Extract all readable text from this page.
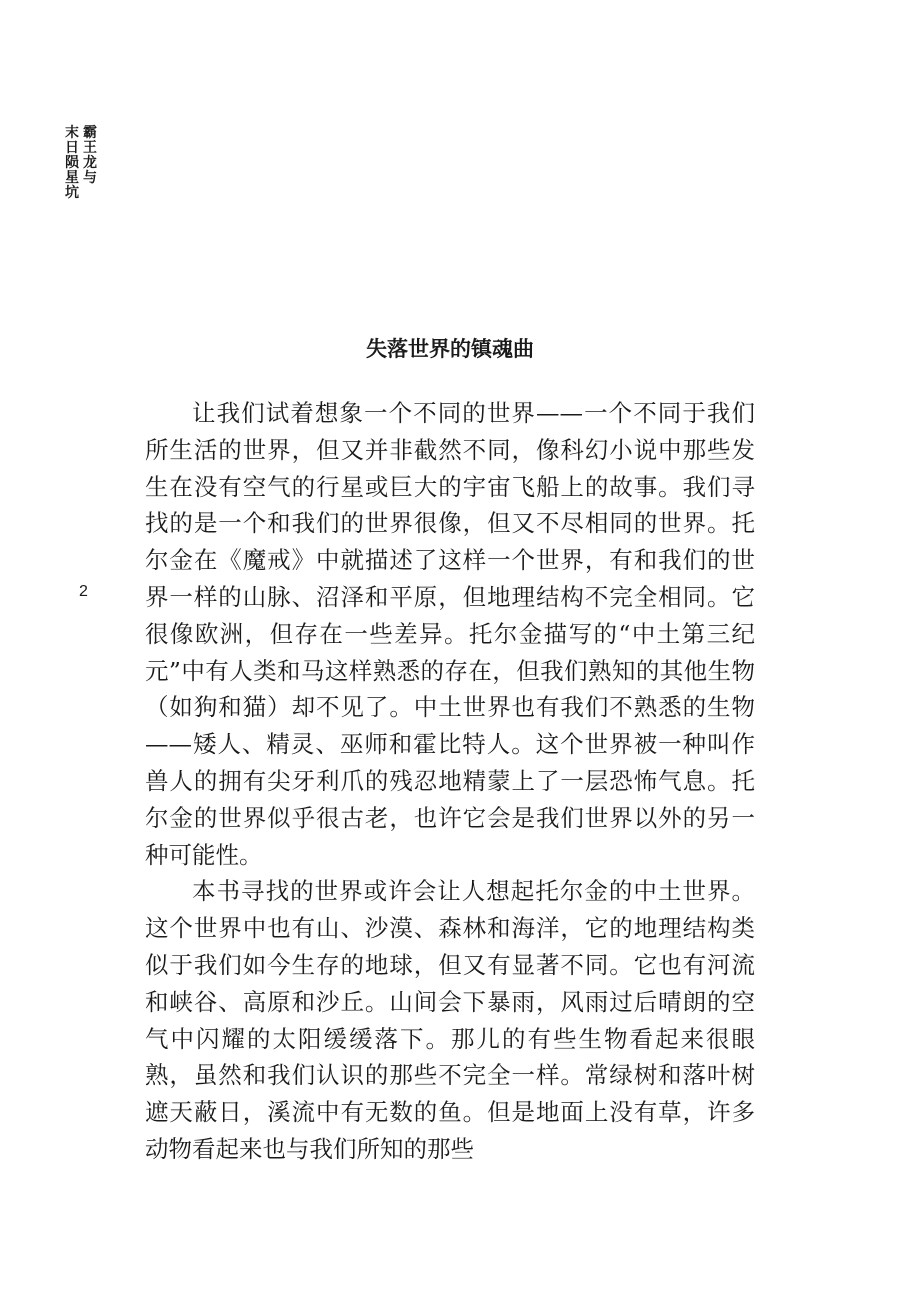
霸
王
龙
与
末
日
陨
星
坑
2
失落世界的镇魂曲

让我们试着想象一个不同的世界——一个不同于我们所生活的世界，但又并非截然不同，像科幻小说中那些发生在没有空气的行星或巨大的宇宙飞船上的故事。我们寻找的是一个和我们的世界很像，但又不尽相同的世界。托尔金在《魔戒》中就描述了这样一个世界，有和我们的世界一样的山脉、沼泽和平原，但地理结构不完全相同。它很像欧洲，但存在一些差异。托尔金描写的“中土第三纪元”中有人类和马这样熟悉的存在，但我们熟知的其他生物（如狗和猫）却不见了。中土世界也有我们不熟悉的生物——矮人、精灵、巫师和霍比特人。这个世界被一种叫作兽人的拥有尖牙利爪的残忍地精蒙上了一层恐怖气息。托尔金的世界似乎很古老，也许它会是我们世界以外的另一种可能性。

本书寻找的世界或许会让人想起托尔金的中土世界。这个世界中也有山、沙漠、森林和海洋，它的地理结构类似于我们如今生存的地球，但又有显著不同。它也有河流和峡谷、高原和沙丘。山间会下暴雨，风雨过后晴朗的空气中闪耀的太阳缓缓落下。那儿的有些生物看起来很眼熟，虽然和我们认识的那些不完全一样。常绿树和落叶树遮天蔽日，溪流中有无数的鱼。但是地面上没有草，许多动物看起来也与我们所知的那些
